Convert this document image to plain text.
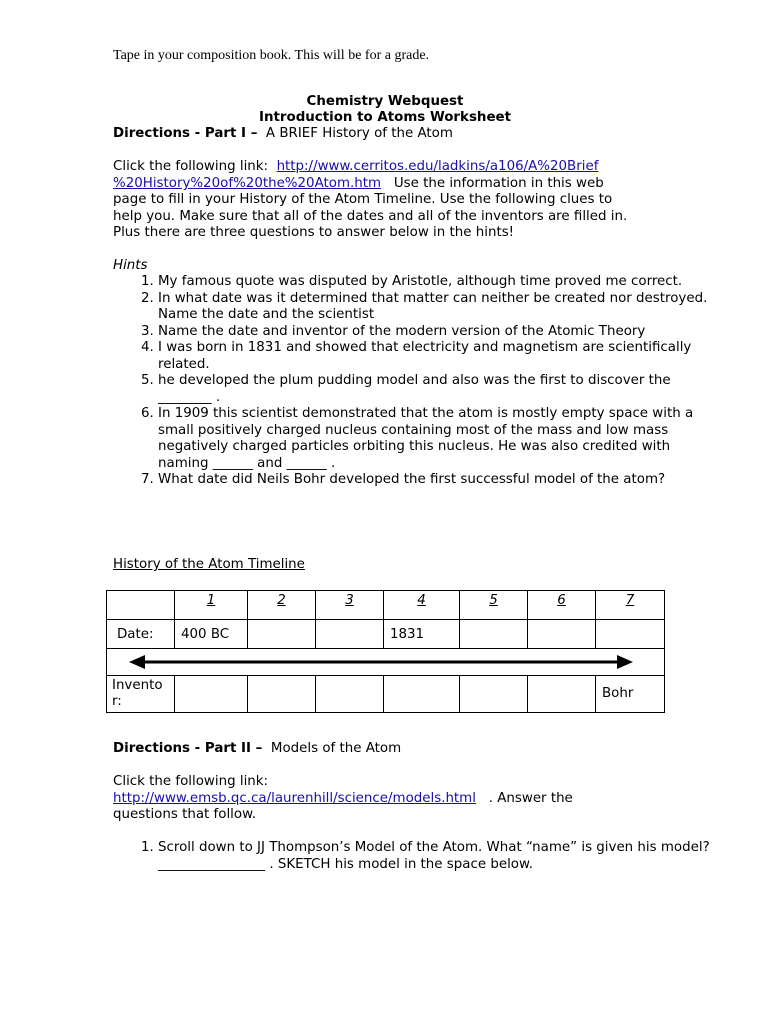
Tape in your composition book. This will be for a grade.
Chemistry Webquest
Introduction to Atoms Worksheet
Directions - Part I – A BRIEF History of the Atom
Click the following link: http://www.cerritos.edu/ladkins/a106/A%20Brief
%20History%20of%20the%20Atom.htm Use the information in this web
page to fill in your History of the Atom Timeline. Use the following clues to
help you. Make sure that all of the dates and all of the inventors are filled in.
Plus there are three questions to answer below in the hints!
Hints
1. My famous quote was disputed by Aristotle, although time proved me correct.
2. In what date was it determined that matter can neither be created nor destroyed. Name the date and the scientist
3. Name the date and inventor of the modern version of the Atomic Theory
4. I was born in 1831 and showed that electricity and magnetism are scientifically related.
5. he developed the plum pudding model and also was the first to discover the ________ .
6. In 1909 this scientist demonstrated that the atom is mostly empty space with a small positively charged nucleus containing most of the mass and low mass negatively charged particles orbiting this nucleus. He was also credited with naming ______ and ______ .
7. What date did Neils Bohr developed the first successful model of the atom?
History of the Atom Timeline
	1	2	3	4	5	6	7
Date:	400 BC			1831			

Inventor:							Bohr
Directions - Part II – Models of the Atom
Click the following link:
http://www.emsb.qc.ca/laurenhill/science/models.html . Answer the
questions that follow.
1. Scroll down to JJ Thompson’s Model of the Atom. What “name” is given his model? ________________ . SKETCH his model in the space below.
